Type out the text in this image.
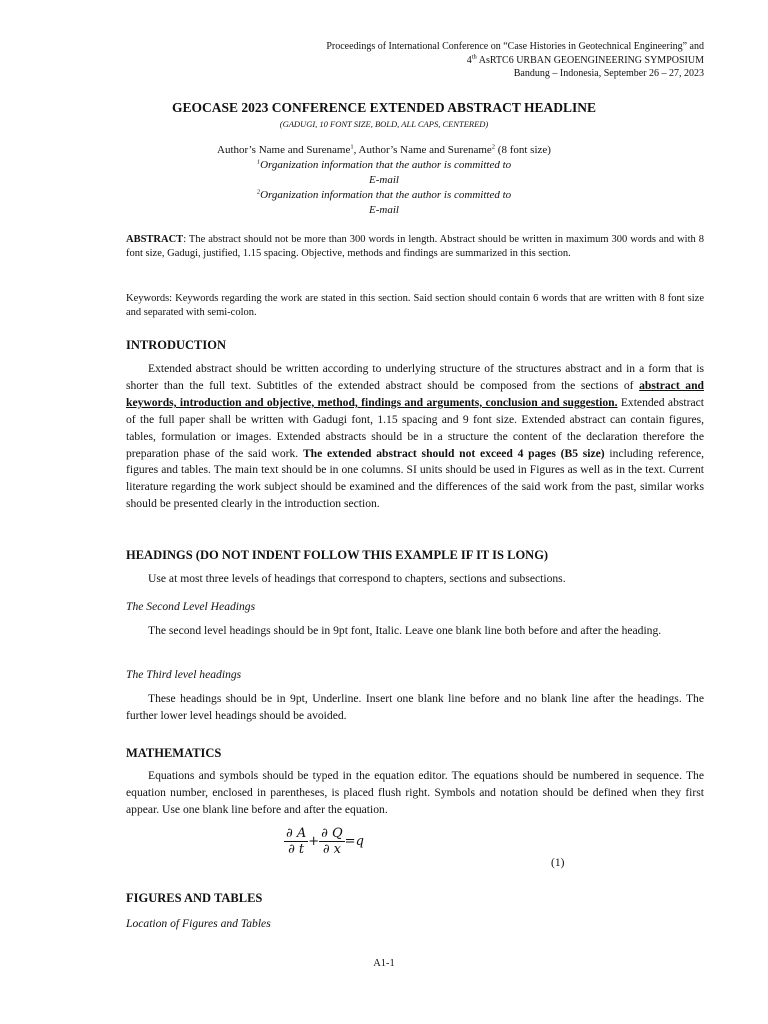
Proceedings of International Conference on “Case Histories in Geotechnical Engineering” and
4th AsRTC6 URBAN GEOENGINEERING SYMPOSIUM
Bandung – Indonesia, September 26 – 27, 2023
GEOCASE 2023 CONFERENCE EXTENDED ABSTRACT HEADLINE
(GADUGI, 10 FONT SIZE, BOLD, ALL CAPS, CENTERED)
Author’s Name and Surename$^1$, Author’s Name and Surename$^2$ (8 font size)
$^1$Organization information that the author is committed to
E-mail
$^2$Organization information that the author is committed to
E-mail

ABSTRACT: The abstract should not be more than 300 words in length. Abstract should be written in maximum 300 words and with 8 font size, Gadugi, justified, 1.15 spacing. Objective, methods and findings are summarized in this section.

Keywords: Keywords regarding the work are stated in this section. Said section should contain 6 words that are written with 8 font size and separated with semi-colon.

INTRODUCTION

Extended abstract should be written according to underlying structure of the structures abstract and in a form that is shorter than the full text. Subtitles of the extended abstract should be composed from the sections of abstract and keywords, introduction and objective, method, findings and arguments, conclusion and suggestion. Extended abstract of the full paper shall be written with Gadugi font, 1.15 spacing and 9 font size. Extended abstract can contain figures, tables, formulation or images. Extended abstracts should be in a structure the content of the declaration therefore the preparation phase of the said work. The extended abstract should not exceed 4 pages (B5 size) including reference, figures and tables. The main text should be in one columns. SI units should be used in Figures as well as in the text. Current literature regarding the work subject should be examined and the differences of the said work from the past, similar works should be presented clearly in the introduction section.

HEADINGS (DO NOT INDENT FOLLOW THIS EXAMPLE IF IT IS LONG)

Use at most three levels of headings that correspond to chapters, sections and subsections.

The Second Level Headings

The second level headings should be in 9pt font, Italic. Leave one blank line both before and after the heading.

The Third level headings

These headings should be in 9pt, Underline. Insert one blank line before and no blank line after the headings. The further lower level headings should be avoided.

MATHEMATICS

Equations and symbols should be typed in the equation editor. The equations should be numbered in sequence. The equation number, enclosed in parentheses, is placed flush right. Symbols and notation should be defined when they first appear. Use one blank line before and after the equation.

$\frac{\partial A}{\partial t} + \frac{\partial Q}{\partial x} =q$
(1)

FIGURES AND TABLES

Location of Figures and Tables

A1-1
